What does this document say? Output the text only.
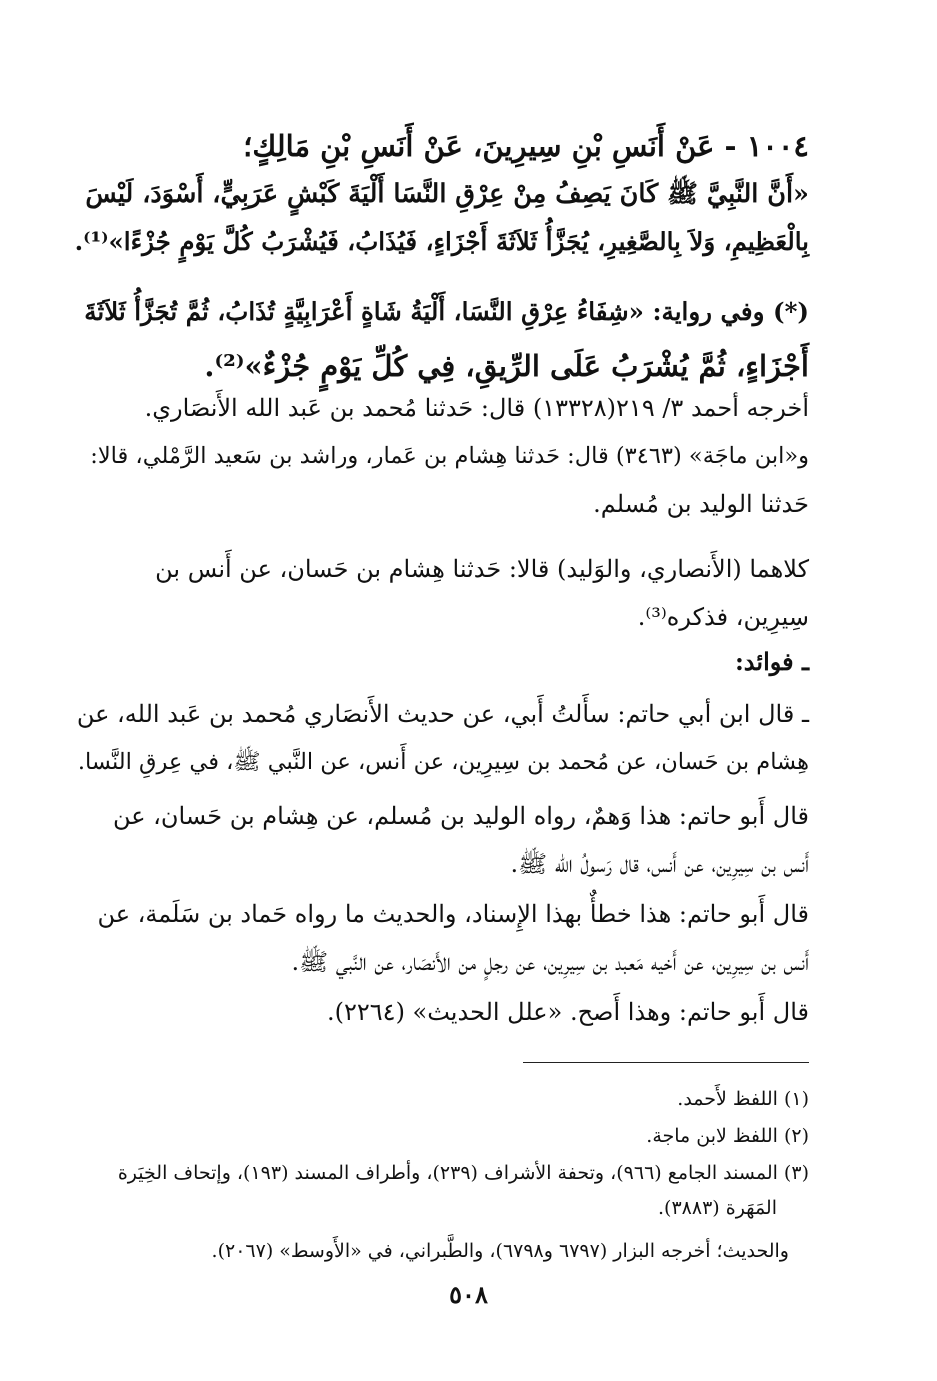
١٠٠٤ - عَنْ أَنَسِ بْنِ سِيرِينَ، عَنْ أَنَسِ بْنِ مَالِكٍ؛
«أَنَّ النَّبِيَّ ﷺ كَانَ يَصِفُ مِنْ عِرْقِ النَّسَا أَلْيَةَ كَبْشٍ عَرَبِيٍّ، أَسْوَدَ، لَيْسَ
بِالْعَظِيمِ، وَلاَ بِالصَّغِيرِ، يُجَزَّأُ ثَلاَثَةَ أَجْزَاءٍ، فَيُذَابُ، فَيُشْرَبُ كُلَّ يَوْمٍ جُزْءًا»⁽¹⁾.
(*) وفي رواية: «شِفَاءُ عِرْقِ النَّسَا، أَلْيَةُ شَاةٍ أَعْرَابِيَّةٍ تُذَابُ، ثُمَّ تُجَزَّأُ ثَلاَثَةَ
أَجْزَاءٍ، ثُمَّ يُشْرَبُ عَلَى الرِّيقِ، فِي كُلِّ يَوْمٍ جُزْءٌ»⁽²⁾.
أخرجه أحمد ٣/ ٢١٩(١٣٣٢٨) قال: حَدثنا مُحمد بن عَبد الله الأَنصَاري.
و«ابن ماجَة» (٣٤٦٣) قال: حَدثنا هِشام بن عَمار، وراشد بن سَعيد الرَّمْلي، قالا:
حَدثنا الوليد بن مُسلم.
كلاهما (الأَنصاري، والوَليد) قالا: حَدثنا هِشام بن حَسان، عن أَنس بن
سِيرِين، فذكره⁽³⁾.
ـ فوائد:
ـ قال ابن أبي حاتم: سأَلتُ أَبي، عن حديث الأَنصَاري مُحمد بن عَبد الله، عن
هِشام بن حَسان، عن مُحمد بن سِيرِين، عن أَنس، عن النَّبي ﷺ، في عِرقِ النَّسا.
قال أَبو حاتم: هذا وَهمٌ، رواه الوليد بن مُسلم، عن هِشام بن حَسان، عن
أَنس بن سِيرِين، عن أَنس، قال رَسولُ الله ﷺ.
قال أَبو حاتم: هذا خطأٌ بهذا الإِسناد، والحديث ما رواه حَماد بن سَلَمة، عن
أَنس بن سِيرِين، عن أَخيه مَعبد بن سِيرِين، عن رجلٍ من الأَنصَار، عن النَّبي ﷺ.
قال أَبو حاتم: وهذا أَصح. «علل الحديث» (٢٢٦٤).
(١) اللفظ لأَحمد.
(٢) اللفظ لابن ماجة.
(٣) المسند الجامع (٩٦٦)، وتحفة الأشراف (٢٣٩)، وأطراف المسند (١٩٣)، وإتحاف الخِيَرة
المَهَرة (٣٨٨٣).
والحديث؛ أخرجه البزار (٦٧٩٧ و٦٧٩٨)، والطَّبراني، في «الأَوسط» (٢٠٦٧).
٥٠٨
